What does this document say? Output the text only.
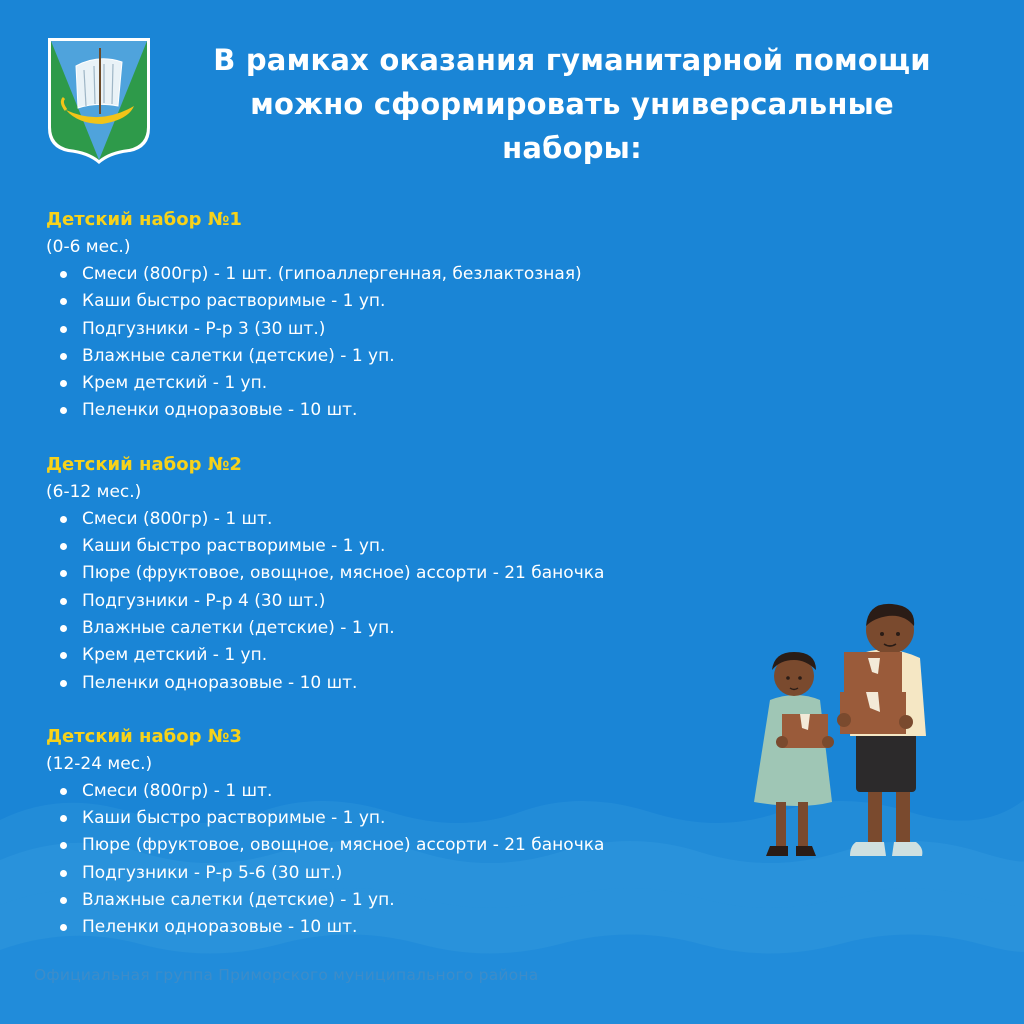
В рамках оказания гуманитарной помощи
можно сформировать универсальные
наборы:

Детский набор №1

(0-6 мес.)

Смеси (800гр) - 1 шт. (гипоаллергенная, безлактозная)
Каши быстро растворимые - 1 уп.
Подгузники - Р-р 3 (30 шт.)
Влажные салетки (детские) - 1 уп.
Крем детский - 1 уп.
Пеленки одноразовые - 10 шт.

Детский набор №2

(6-12 мес.)

Смеси (800гр) - 1 шт.
Каши быстро растворимые - 1 уп.
Пюре (фруктовое, овощное, мясное) ассорти - 21 баночка
Подгузники - Р-р 4 (30 шт.)
Влажные салетки (детские) - 1 уп.
Крем детский - 1 уп.
Пеленки одноразовые - 10 шт.

Детский набор №3

(12-24 мес.)

Смеси (800гр) - 1 шт.
Каши быстро растворимые - 1 уп.
Пюре (фруктовое, овощное, мясное) ассорти - 21 баночка
Подгузники - Р-р 5-6 (30 шт.)
Влажные салетки (детские) - 1 уп.
Пеленки одноразовые - 10 шт.
Официальная группа Приморского муниципального района
